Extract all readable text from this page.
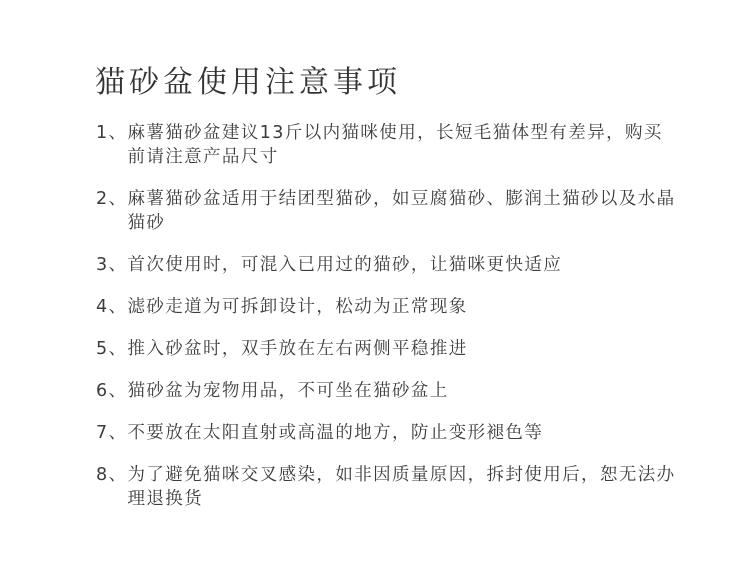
猫砂盆使用注意事项
1、 麻薯猫砂盆建议13斤以内猫咪使用，长短毛猫体型有差异，购买前请注意产品尺寸
2、 麻薯猫砂盆适用于结团型猫砂，如豆腐猫砂、膨润土猫砂以及水晶猫砂
3、 首次使用时，可混入已用过的猫砂，让猫咪更快适应
4、 滤砂走道为可拆卸设计，松动为正常现象
5、 推入砂盆时，双手放在左右两侧平稳推进
6、 猫砂盆为宠物用品，不可坐在猫砂盆上
7、 不要放在太阳直射或高温的地方，防止变形褪色等
8、 为了避免猫咪交叉感染，如非因质量原因，拆封使用后，恕无法办理退换货
